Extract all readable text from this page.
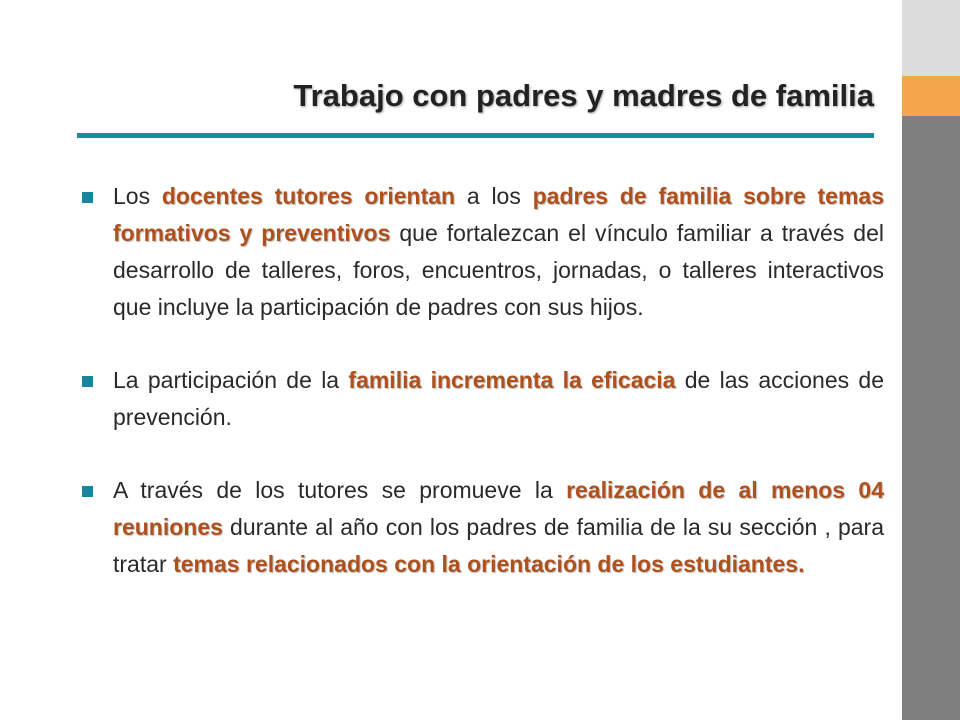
Trabajo con padres y madres de familia
Los docentes tutores orientan a los padres de familia sobre temas formativos y preventivos que fortalezcan el vínculo familiar a través del desarrollo de talleres, foros, encuentros, jornadas, o talleres interactivos que incluye la participación de padres con sus hijos.
La participación de la familia incrementa la eficacia de las acciones de prevención.
A través de los tutores se promueve la realización de al menos 04 reuniones durante al año con los padres de familia de la su sección , para tratar temas relacionados con la orientación de los estudiantes.
